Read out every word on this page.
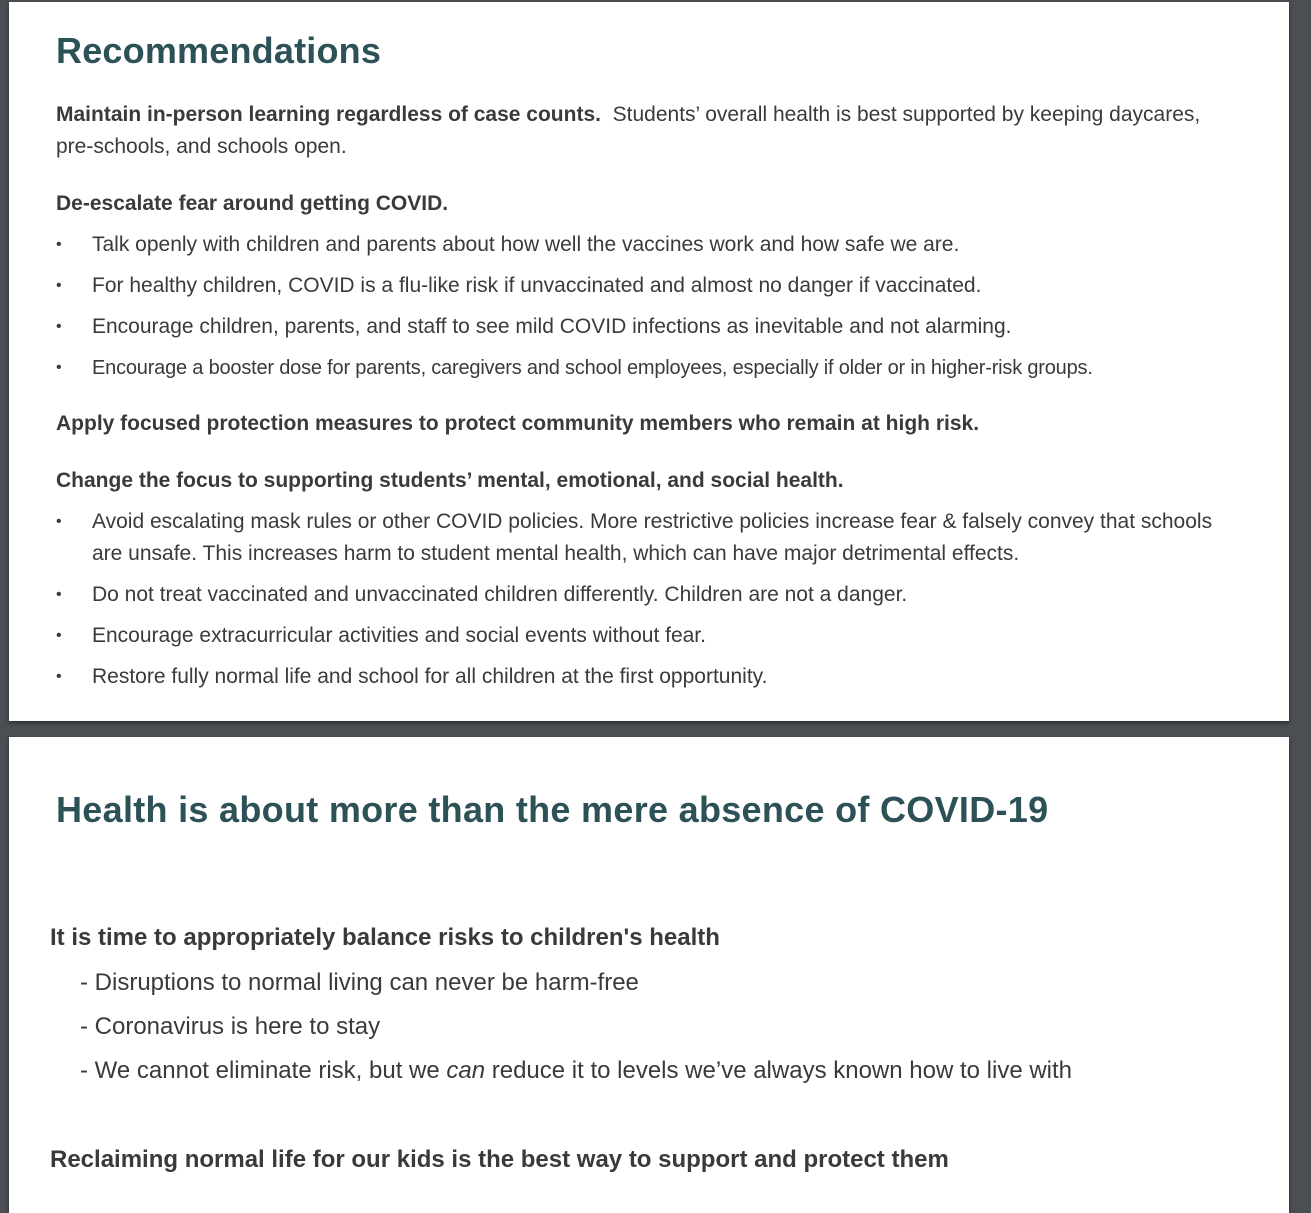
Recommendations

Maintain in-person learning regardless of case counts. Students’ overall health is best supported by keeping daycares, pre-schools, and schools open.

De-escalate fear around getting COVID.

• Talk openly with children and parents about how well the vaccines work and how safe we are.
• For healthy children, COVID is a flu-like risk if unvaccinated and almost no danger if vaccinated.
• Encourage children, parents, and staff to see mild COVID infections as inevitable and not alarming.
• Encourage a booster dose for parents, caregivers and school employees, especially if older or in higher-risk groups.

Apply focused protection measures to protect community members who remain at high risk.

Change the focus to supporting students’ mental, emotional, and social health.

• Avoid escalating mask rules or other COVID policies. More restrictive policies increase fear & falsely convey that schools are unsafe. This increases harm to student mental health, which can have major detrimental effects.
• Do not treat vaccinated and unvaccinated children differently. Children are not a danger.
• Encourage extracurricular activities and social events without fear.
• Restore fully normal life and school for all children at the first opportunity.
Health is about more than the mere absence of COVID-19

It is time to appropriately balance risks to children's health

- Disruptions to normal living can never be harm-free

- Coronavirus is here to stay

- We cannot eliminate risk, but we can reduce it to levels we’ve always known how to live with

Reclaiming normal life for our kids is the best way to support and protect them
